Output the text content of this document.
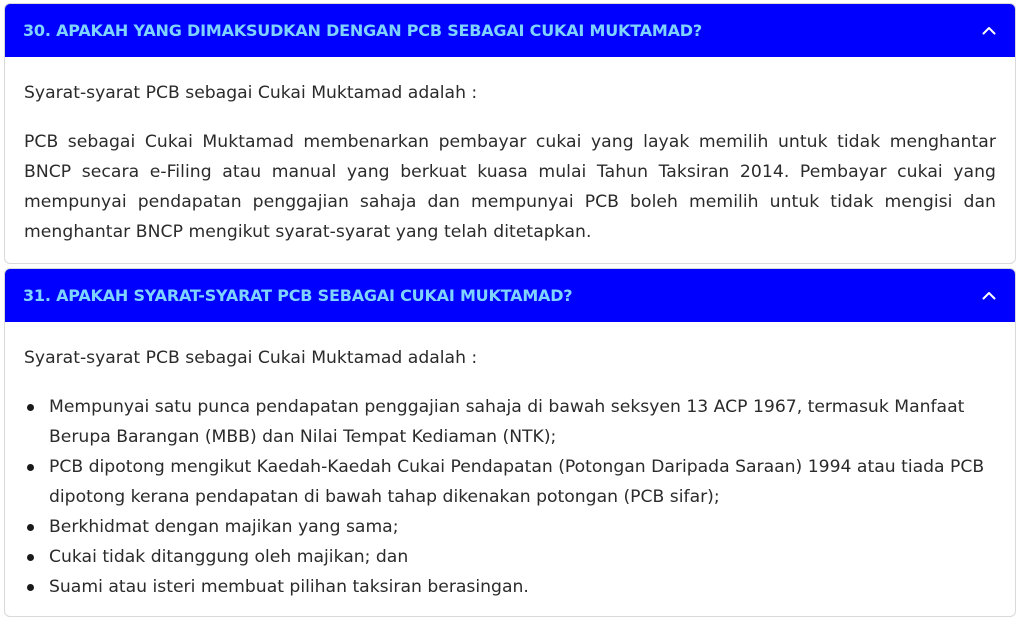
30. APAKAH YANG DIMAKSUDKAN DENGAN PCB SEBAGAI CUKAI MUKTAMAD?

Syarat-syarat PCB sebagai Cukai Muktamad adalah :

PCB sebagai Cukai Muktamad membenarkan pembayar cukai yang layak memilih untuk tidak menghantar BNCP secara e-Filing atau manual yang berkuat kuasa mulai Tahun Taksiran 2014. Pembayar cukai yang mempunyai pendapatan penggajian sahaja dan mempunyai PCB boleh memilih untuk tidak mengisi dan menghantar BNCP mengikut syarat-syarat yang telah ditetapkan.

31. APAKAH SYARAT-SYARAT PCB SEBAGAI CUKAI MUKTAMAD?

Syarat-syarat PCB sebagai Cukai Muktamad adalah :

Mempunyai satu punca pendapatan penggajian sahaja di bawah seksyen 13 ACP 1967, termasuk Manfaat Berupa Barangan (MBB) dan Nilai Tempat Kediaman (NTK);
PCB dipotong mengikut Kaedah-Kaedah Cukai Pendapatan (Potongan Daripada Saraan) 1994 atau tiada PCB dipotong kerana pendapatan di bawah tahap dikenakan potongan (PCB sifar);
Berkhidmat dengan majikan yang sama;
Cukai tidak ditanggung oleh majikan; dan
Suami atau isteri membuat pilihan taksiran berasingan.
